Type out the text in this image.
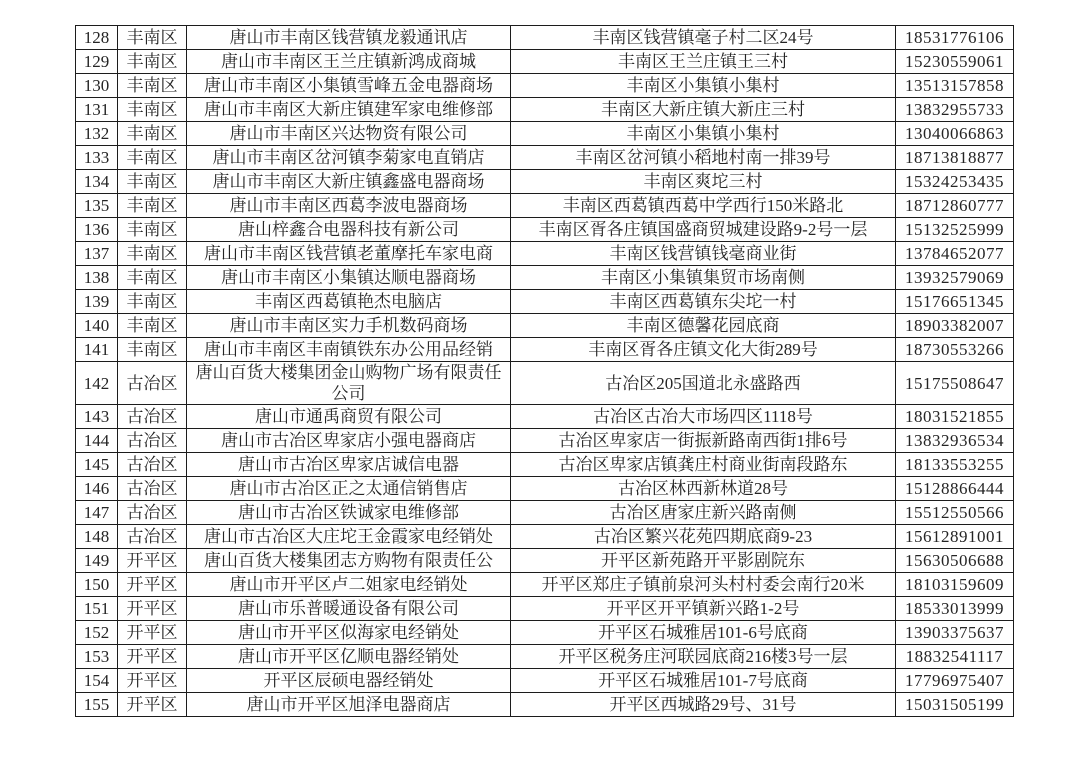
128	丰南区	唐山市丰南区钱营镇龙毅通讯店	丰南区钱营镇毫子村二区24号	18531776106
129	丰南区	唐山市丰南区王兰庄镇新鸿成商城	丰南区王兰庄镇王三村	15230559061
130	丰南区	唐山市丰南区小集镇雪峰五金电器商场	丰南区小集镇小集村	13513157858
131	丰南区	唐山市丰南区大新庄镇建军家电维修部	丰南区大新庄镇大新庄三村	13832955733
132	丰南区	唐山市丰南区兴达物资有限公司	丰南区小集镇小集村	13040066863
133	丰南区	唐山市丰南区岔河镇李菊家电直销店	丰南区岔河镇小稻地村南一排39号	18713818877
134	丰南区	唐山市丰南区大新庄镇鑫盛电器商场	丰南区爽坨三村	15324253435
135	丰南区	唐山市丰南区西葛李波电器商场	丰南区西葛镇西葛中学西行150米路北	18712860777
136	丰南区	唐山梓鑫合电器科技有新公司	丰南区胥各庄镇国盛商贸城建设路9-2号一层	15132525999
137	丰南区	唐山市丰南区钱营镇老董摩托车家电商	丰南区钱营镇钱毫商业街	13784652077
138	丰南区	唐山市丰南区小集镇达顺电器商场	丰南区小集镇集贸市场南侧	13932579069
139	丰南区	丰南区西葛镇艳杰电脑店	丰南区西葛镇东尖坨一村	15176651345
140	丰南区	唐山市丰南区实力手机数码商场	丰南区德馨花园底商	18903382007
141	丰南区	唐山市丰南区丰南镇铁东办公用品经销	丰南区胥各庄镇文化大街289号	18730553266
142	古冶区	唐山百货大楼集团金山购物广场有限责任公司	古冶区205国道北永盛路西	15175508647
143	古冶区	唐山市通禹商贸有限公司	古冶区古冶大市场四区1118号	18031521855
144	古冶区	唐山市古冶区卑家店小强电器商店	古冶区卑家店一街振新路南西街1排6号	13832936534
145	古冶区	唐山市古冶区卑家店诚信电器	古冶区卑家店镇龚庄村商业街南段路东	18133553255
146	古冶区	唐山市古冶区正之太通信销售店	古冶区林西新林道28号	15128866444
147	古冶区	唐山市古冶区铁诚家电维修部	古冶区唐家庄新兴路南侧	15512550566
148	古冶区	唐山市古冶区大庄坨王金霞家电经销处	古冶区繁兴花苑四期底商9-23	15612891001
149	开平区	唐山百货大楼集团志方购物有限责任公	开平区新苑路开平影剧院东	15630506688
150	开平区	唐山市开平区卢二姐家电经销处	开平区郑庄子镇前泉河头村村委会南行20米	18103159609
151	开平区	唐山市乐普暖通设备有限公司	开平区开平镇新兴路1-2号	18533013999
152	开平区	唐山市开平区似海家电经销处	开平区石城雅居101-6号底商	13903375637
153	开平区	唐山市开平区亿顺电器经销处	开平区税务庄河联园底商216楼3号一层	18832541117
154	开平区	开平区辰硕电器经销处	开平区石城雅居101-7号底商	17796975407
155	开平区	唐山市开平区旭泽电器商店	开平区西城路29号、31号	15031505199
